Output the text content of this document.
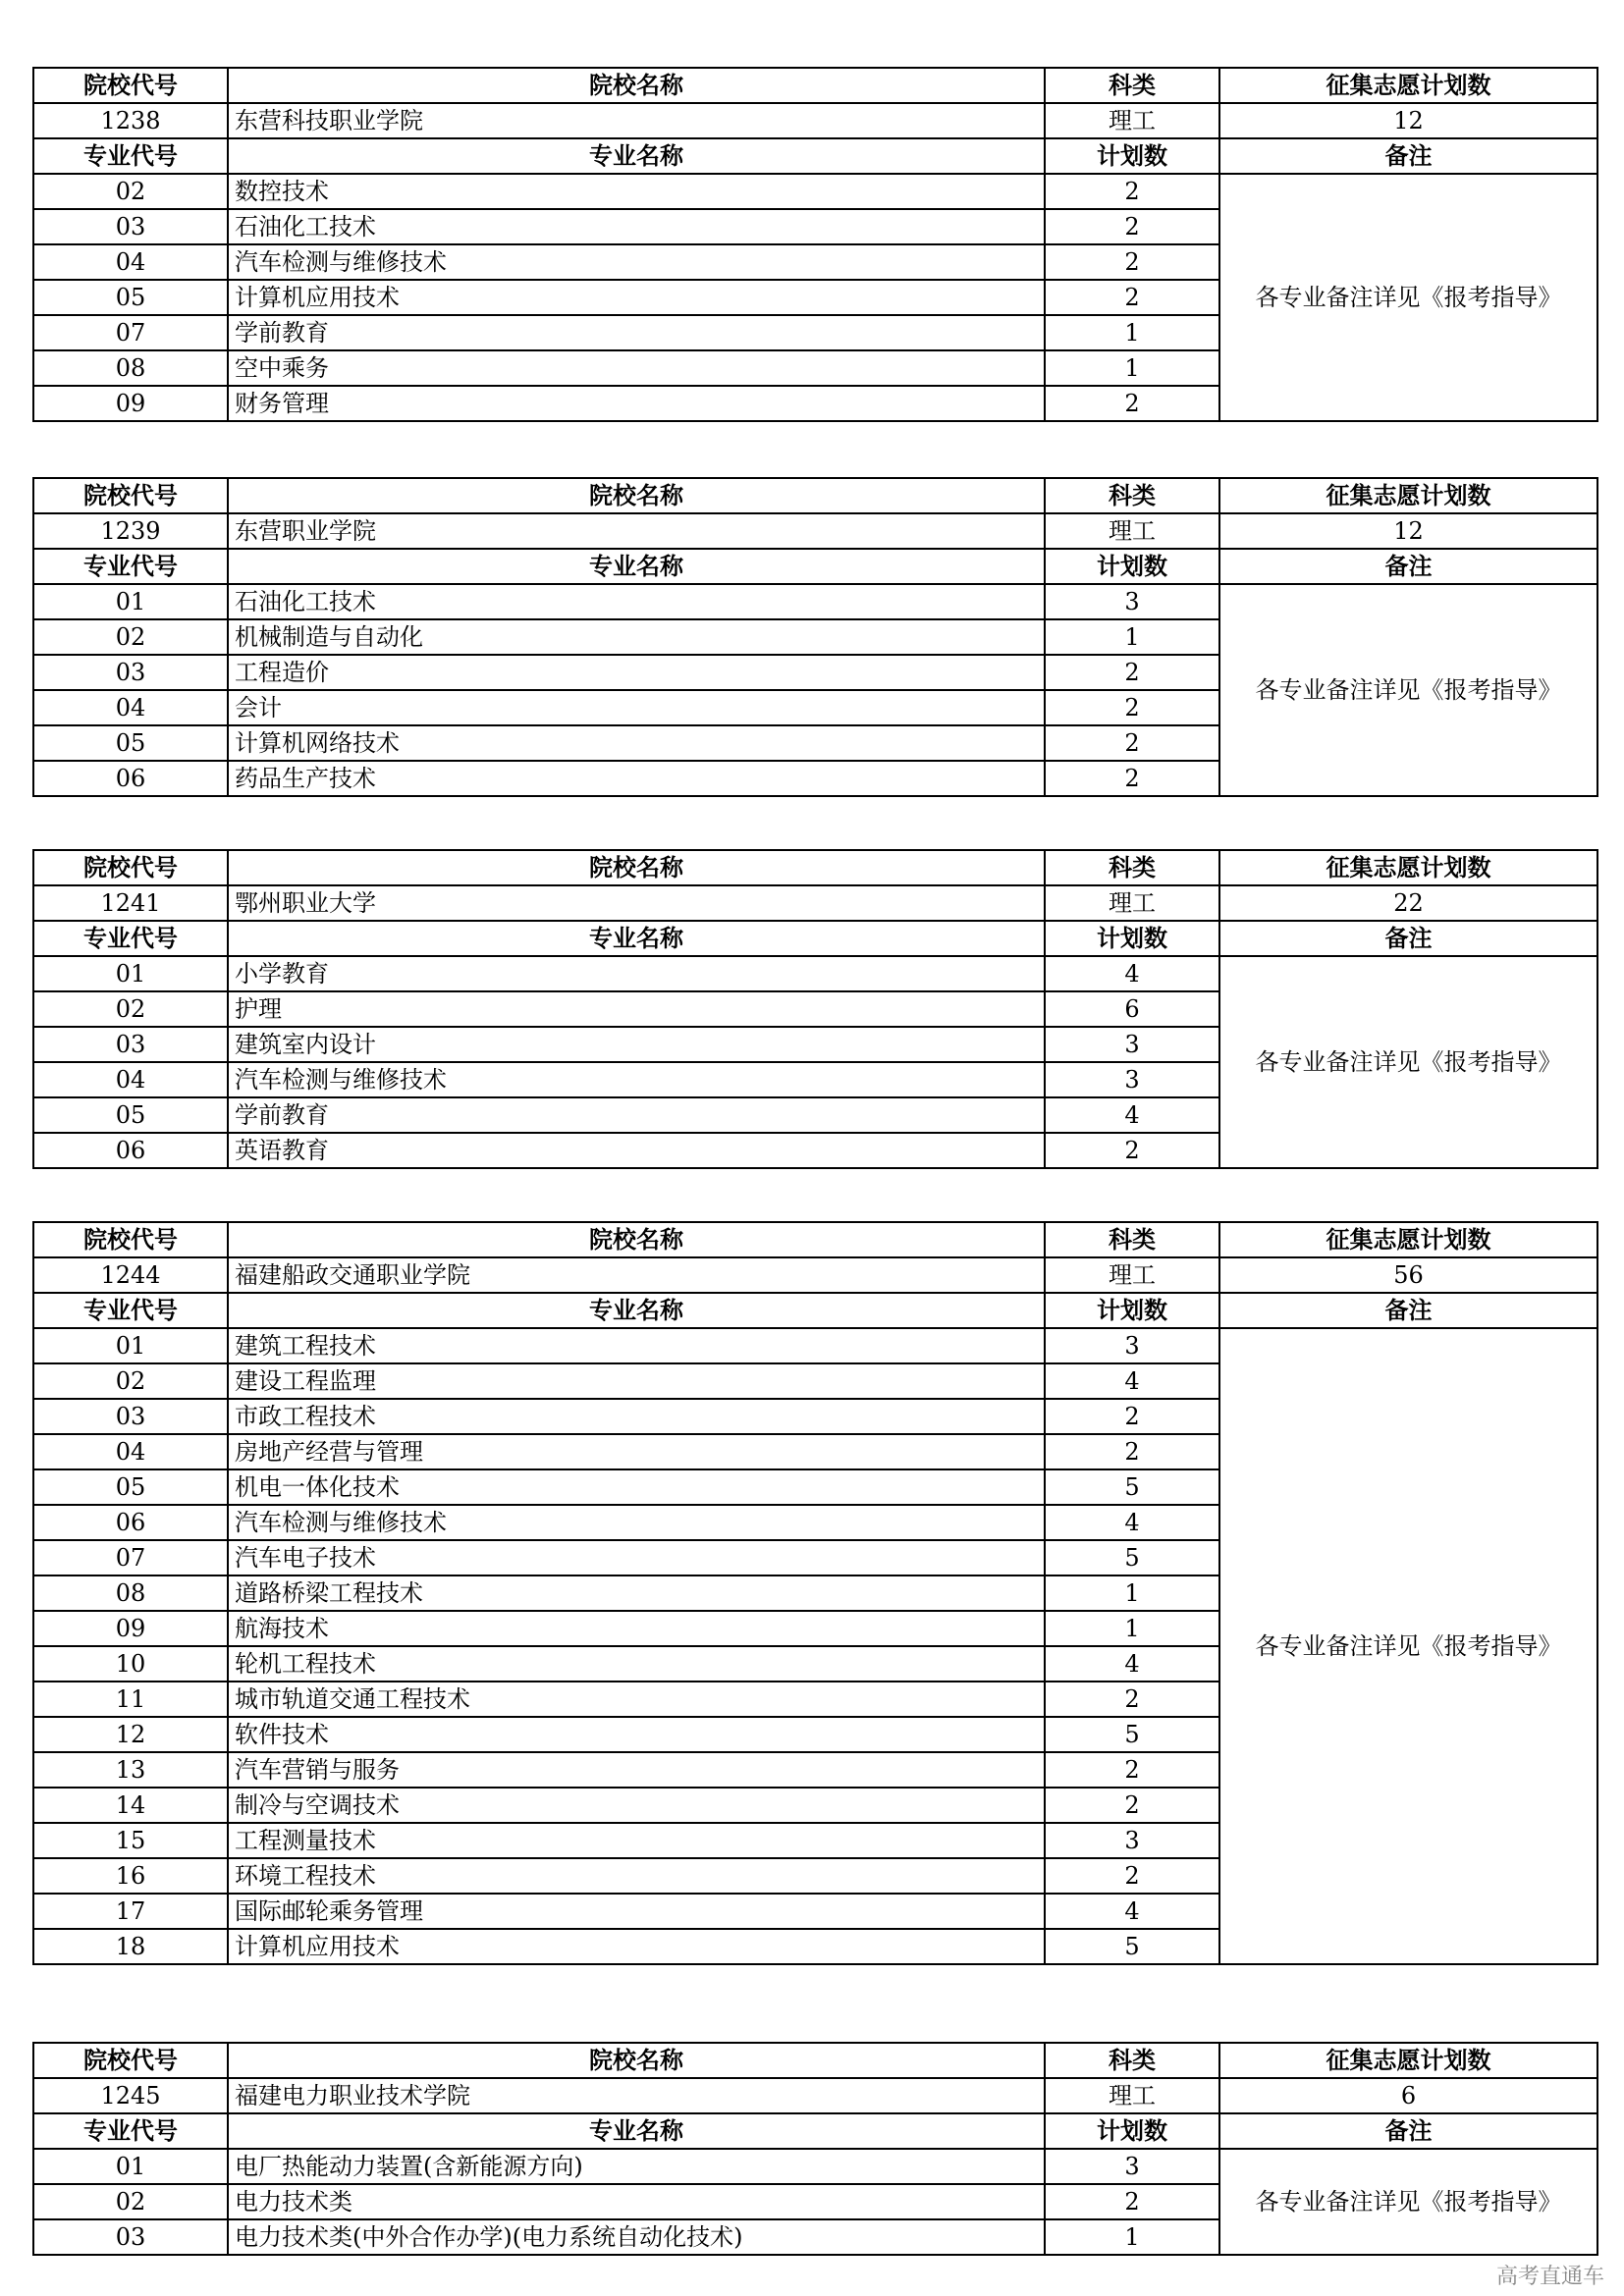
院校代号	院校名称	科类	征集志愿计划数
1238	东营科技职业学院	理工	12
专业代号	专业名称	计划数	备注
02	数控技术	2	各专业备注详见《报考指导》
03	石油化工技术	2	
04	汽车检测与维修技术	2	
05	计算机应用技术	2	
07	学前教育	1	
08	空中乘务	1	
09	财务管理	2	
院校代号	院校名称	科类	征集志愿计划数
1239	东营职业学院	理工	12
专业代号	专业名称	计划数	备注
01	石油化工技术	3	各专业备注详见《报考指导》
02	机械制造与自动化	1	
03	工程造价	2	
04	会计	2	
05	计算机网络技术	2	
06	药品生产技术	2	
院校代号	院校名称	科类	征集志愿计划数
1241	鄂州职业大学	理工	22
专业代号	专业名称	计划数	备注
01	小学教育	4	各专业备注详见《报考指导》
02	护理	6	
03	建筑室内设计	3	
04	汽车检测与维修技术	3	
05	学前教育	4	
06	英语教育	2	
院校代号	院校名称	科类	征集志愿计划数
1244	福建船政交通职业学院	理工	56
专业代号	专业名称	计划数	备注
01	建筑工程技术	3	各专业备注详见《报考指导》
02	建设工程监理	4	
03	市政工程技术	2	
04	房地产经营与管理	2	
05	机电一体化技术	5	
06	汽车检测与维修技术	4	
07	汽车电子技术	5	
08	道路桥梁工程技术	1	
09	航海技术	1	
10	轮机工程技术	4	
11	城市轨道交通工程技术	2	
12	软件技术	5	
13	汽车营销与服务	2	
14	制冷与空调技术	2	
15	工程测量技术	3	
16	环境工程技术	2	
17	国际邮轮乘务管理	4	
18	计算机应用技术	5	
院校代号	院校名称	科类	征集志愿计划数
1245	福建电力职业技术学院	理工	6
专业代号	专业名称	计划数	备注
01	电厂热能动力装置(含新能源方向)	3	各专业备注详见《报考指导》
02	电力技术类	2	
03	电力技术类(中外合作办学)(电力系统自动化技术)	1	
高考直通车
